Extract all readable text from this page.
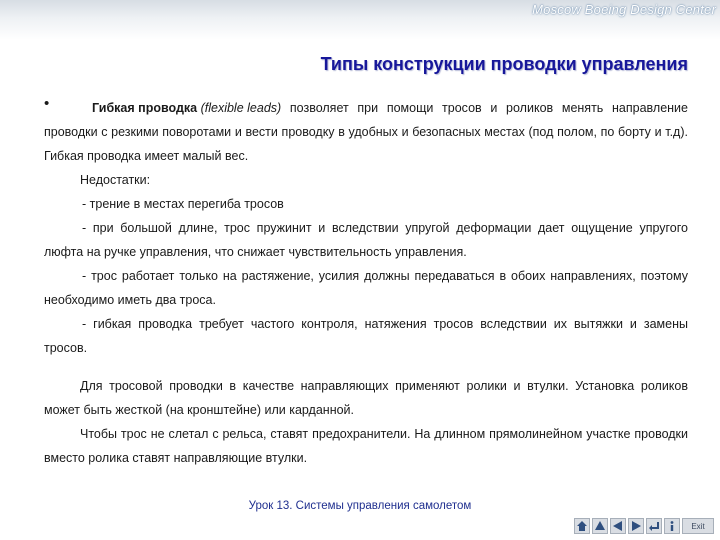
Moscow Boeing Design Center
Типы конструкции проводки управления
•	Гибкая проводка (flexible leads) позволяет при помощи тросов и роликов менять направление проводки с резкими поворотами и вести проводку в удобных и безопасных местах (под полом, по борту и т.д). Гибкая проводка имеет малый вес.

Недостатки:

- трение в местах перегиба тросов

- при большой длине, трос пружинит и вследствии упругой деформации дает ощущение упругого люфта на ручке управления, что снижает чувствительность управления.

- трос работает только на растяжение, усилия должны передаваться в обоих направлениях, поэтому необходимо иметь два троса.

- гибкая проводка требует частого контроля, натяжения тросов вследствии их вытяжки и замены тросов.

Для тросовой проводки в качестве направляющих применяют ролики и втулки. Установка роликов может быть жесткой (на кронштейне) или карданной.

Чтобы трос не слетал с рельса, ставят предохранители. На длинном прямолинейном участке проводки вместо ролика ставят направляющие втулки.

Урок 13. Системы управления самолетом
Exit
